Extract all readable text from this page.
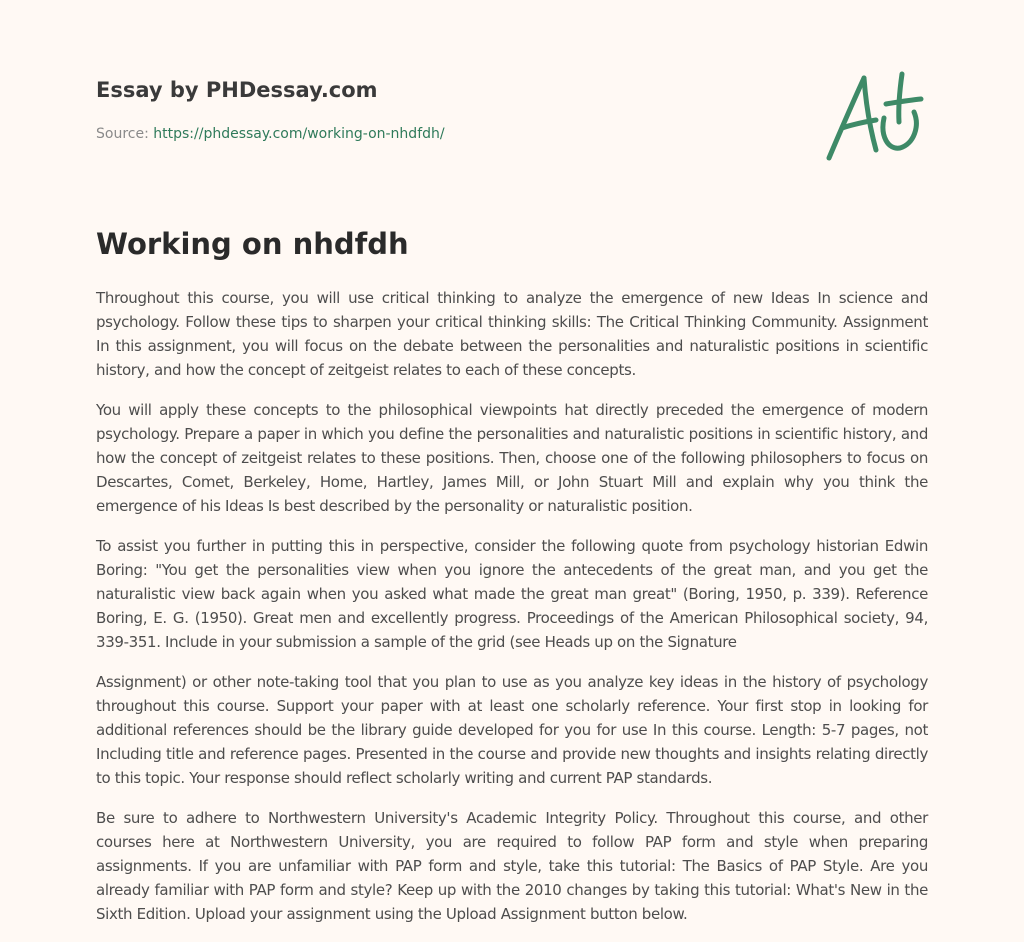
Essay by PHDessay.com
Source: https://phdessay.com/working-on-nhdfdh/
Working on nhdfdh

Throughout this course, you will use critical thinking to analyze the emergence of new Ideas In science and psychology. Follow these tips to sharpen your critical thinking skills: The Critical Thinking Community. Assignment In this assignment, you will focus on the debate between the personalities and naturalistic positions in scientific history, and how the concept of zeitgeist relates to each of these concepts.

You will apply these concepts to the philosophical viewpoints hat directly preceded the emergence of modern psychology. Prepare a paper in which you define the personalities and naturalistic positions in scientific history, and how the concept of zeitgeist relates to these positions. Then, choose one of the following philosophers to focus on Descartes, Comet, Berkeley, Home, Hartley, James Mill, or John Stuart Mill and explain why you think the emergence of his Ideas Is best described by the personality or naturalistic position.

To assist you further in putting this in perspective, consider the following quote from psychology historian Edwin Boring: "You get the personalities view when you ignore the antecedents of the great man, and you get the naturalistic view back again when you asked what made the great man great" (Boring, 1950, p. 339). Reference Boring, E. G. (1950). Great men and excellently progress. Proceedings of the American Philosophical society, 94, 339-351. Include in your submission a sample of the grid (see Heads up on the Signature

Assignment) or other note-taking tool that you plan to use as you analyze key ideas in the history of psychology throughout this course. Support your paper with at least one scholarly reference. Your first stop in looking for additional references should be the library guide developed for you for use In this course. Length: 5-7 pages, not Including title and reference pages. Presented in the course and provide new thoughts and insights relating directly to this topic. Your response should reflect scholarly writing and current PAP standards.

Be sure to adhere to Northwestern University's Academic Integrity Policy. Throughout this course, and other courses here at Northwestern University, you are required to follow PAP form and style when preparing assignments. If you are unfamiliar with PAP form and style, take this tutorial: The Basics of PAP Style. Are you already familiar with PAP form and style? Keep up with the 2010 changes by taking this tutorial: What's New in the Sixth Edition. Upload your assignment using the Upload Assignment button below.
